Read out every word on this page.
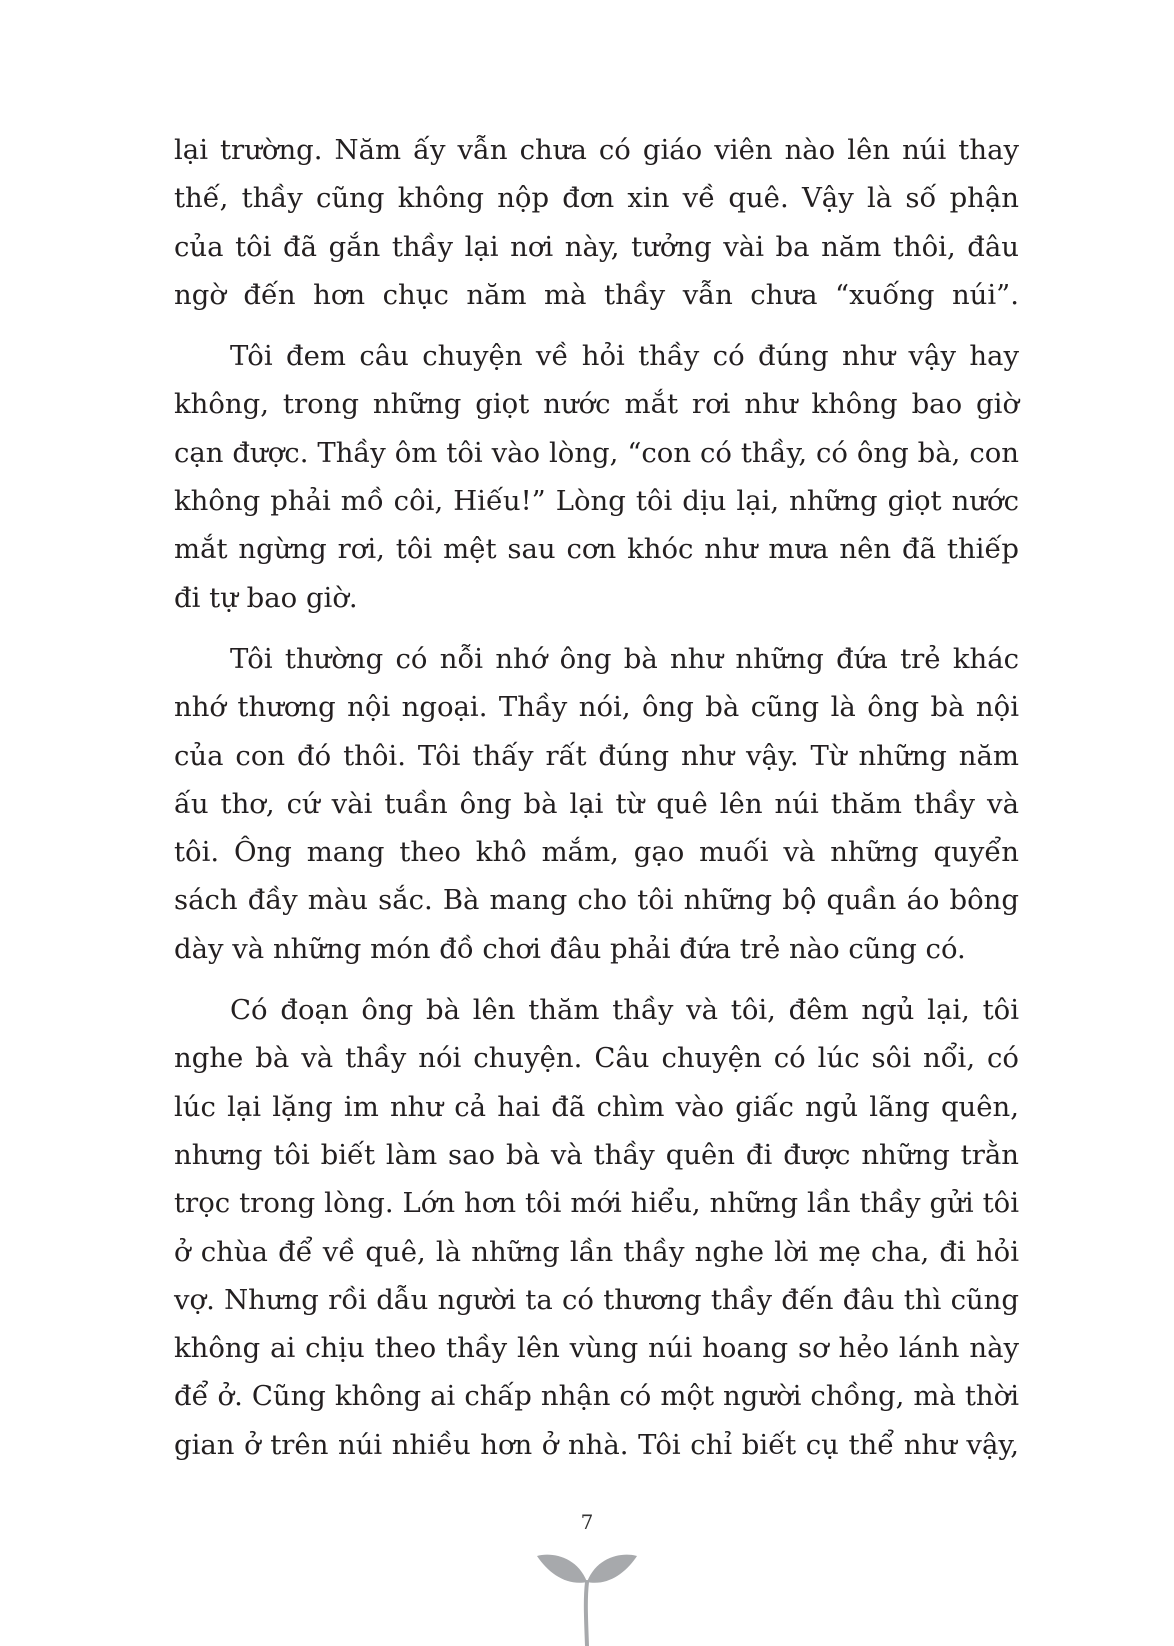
lại trường. Năm ấy vẫn chưa có giáo viên nào lên núi thay thế, thầy cũng không nộp đơn xin về quê. Vậy là số phận của tôi đã gắn thầy lại nơi này, tưởng vài ba năm thôi, đâu ngờ đến hơn chục năm mà thầy vẫn chưa “xuống núi”.

Tôi đem câu chuyện về hỏi thầy có đúng như vậy hay không, trong những giọt nước mắt rơi như không bao giờ cạn được. Thầy ôm tôi vào lòng, “con có thầy, có ông bà, con không phải mồ côi, Hiếu!” Lòng tôi dịu lại, những giọt nước mắt ngừng rơi, tôi mệt sau cơn khóc như mưa nên đã thiếp đi tự bao giờ.

Tôi thường có nỗi nhớ ông bà như những đứa trẻ khác nhớ thương nội ngoại. Thầy nói, ông bà cũng là ông bà nội của con đó thôi. Tôi thấy rất đúng như vậy. Từ những năm ấu thơ, cứ vài tuần ông bà lại từ quê lên núi thăm thầy và tôi. Ông mang theo khô mắm, gạo muối và những quyển sách đầy màu sắc. Bà mang cho tôi những bộ quần áo bông dày và những món đồ chơi đâu phải đứa trẻ nào cũng có.

Có đoạn ông bà lên thăm thầy và tôi, đêm ngủ lại, tôi nghe bà và thầy nói chuyện. Câu chuyện có lúc sôi nổi, có lúc lại lặng im như cả hai đã chìm vào giấc ngủ lãng quên, nhưng tôi biết làm sao bà và thầy quên đi được những trằn trọc trong lòng. Lớn hơn tôi mới hiểu, những lần thầy gửi tôi ở chùa để về quê, là những lần thầy nghe lời mẹ cha, đi hỏi vợ. Nhưng rồi dẫu người ta có thương thầy đến đâu thì cũng không ai chịu theo thầy lên vùng núi hoang sơ hẻo lánh này để ở. Cũng không ai chấp nhận có một người chồng, mà thời gian ở trên núi nhiều hơn ở nhà. Tôi chỉ biết cụ thể như vậy,

7
